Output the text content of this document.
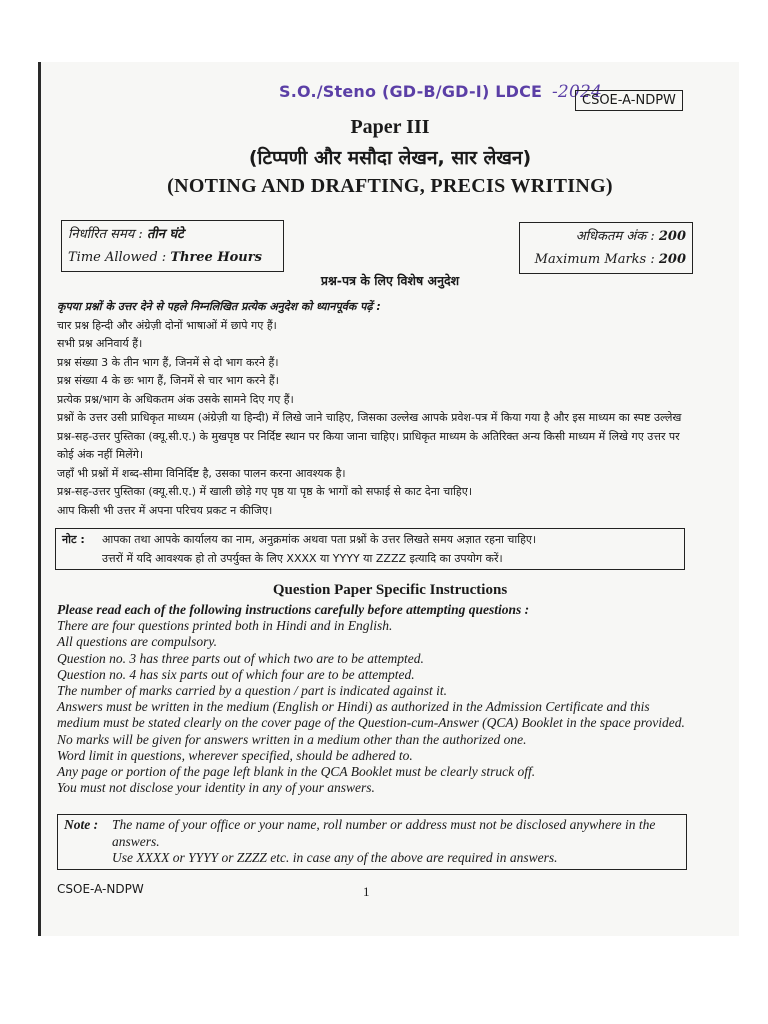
S.O./Steno (GD-B/GD-I) LDCE -2024
CSOE-A-NDPW
Paper III
(टिप्पणी और मसौदा लेखन, सार लेखन)
(NOTING AND DRAFTING, PRECIS WRITING)
निर्धारित समय : तीन घंटे
Time Allowed : Three Hours
अधिकतम अंक : 200
Maximum Marks : 200
प्रश्न-पत्र के लिए विशेष अनुदेश

कृपया प्रश्नों के उत्तर देने से पहले निम्नलिखित प्रत्येक अनुदेश को ध्यानपूर्वक पढ़ें :

चार प्रश्न हिन्दी और अंग्रेज़ी दोनों भाषाओं में छापे गए हैं।

सभी प्रश्न अनिवार्य हैं।

प्रश्न संख्या 3 के तीन भाग हैं, जिनमें से दो भाग करने हैं।

प्रश्न संख्या 4 के छः भाग हैं, जिनमें से चार भाग करने हैं।

प्रत्येक प्रश्न/भाग के अधिकतम अंक उसके सामने दिए गए हैं।

प्रश्नों के उत्तर उसी प्राधिकृत माध्यम (अंग्रेज़ी या हिन्दी) में लिखे जाने चाहिए, जिसका उल्लेख आपके प्रवेश-पत्र में किया गया है और इस माध्यम का स्पष्ट उल्लेख प्रश्न-सह-उत्तर पुस्तिका (क्यू.सी.ए.) के मुखपृष्ठ पर निर्दिष्ट स्थान पर किया जाना चाहिए। प्राधिकृत माध्यम के अतिरिक्त अन्य किसी माध्यम में लिखे गए उत्तर पर कोई अंक नहीं मिलेंगे।

जहाँ भी प्रश्नों में शब्द-सीमा विनिर्दिष्ट है, उसका पालन करना आवश्यक है।

प्रश्न-सह-उत्तर पुस्तिका (क्यू.सी.ए.) में खाली छोड़े गए पृष्ठ या पृष्ठ के भागों को सफाई से काट देना चाहिए।

आप किसी भी उत्तर में अपना परिचय प्रकट न कीजिए।

नोट : आपका तथा आपके कार्यालय का नाम, अनुक्रमांक अथवा पता प्रश्नों के उत्तर लिखते समय अज्ञात रहना चाहिए।
उत्तरों में यदि आवश्यक हो तो उपर्युक्त के लिए XXXX या YYYY या ZZZZ इत्यादि का उपयोग करें।
Question Paper Specific Instructions

Please read each of the following instructions carefully before attempting questions :

There are four questions printed both in Hindi and in English.

All questions are compulsory.

Question no. 3 has three parts out of which two are to be attempted.

Question no. 4 has six parts out of which four are to be attempted.

The number of marks carried by a question / part is indicated against it.

Answers must be written in the medium (English or Hindi) as authorized in the Admission Certificate and this medium must be stated clearly on the cover page of the Question-cum-Answer (QCA) Booklet in the space provided. No marks will be given for answers written in a medium other than the authorized one.

Word limit in questions, wherever specified, should be adhered to.

Any page or portion of the page left blank in the QCA Booklet must be clearly struck off.

You must not disclose your identity in any of your answers.

Note :	The name of your office or your name, roll number or address must not be disclosed anywhere in the answers.
Use XXXX or YYYY or ZZZZ etc. in case any of the above are required in answers.
CSOE-A-NDPW	1
